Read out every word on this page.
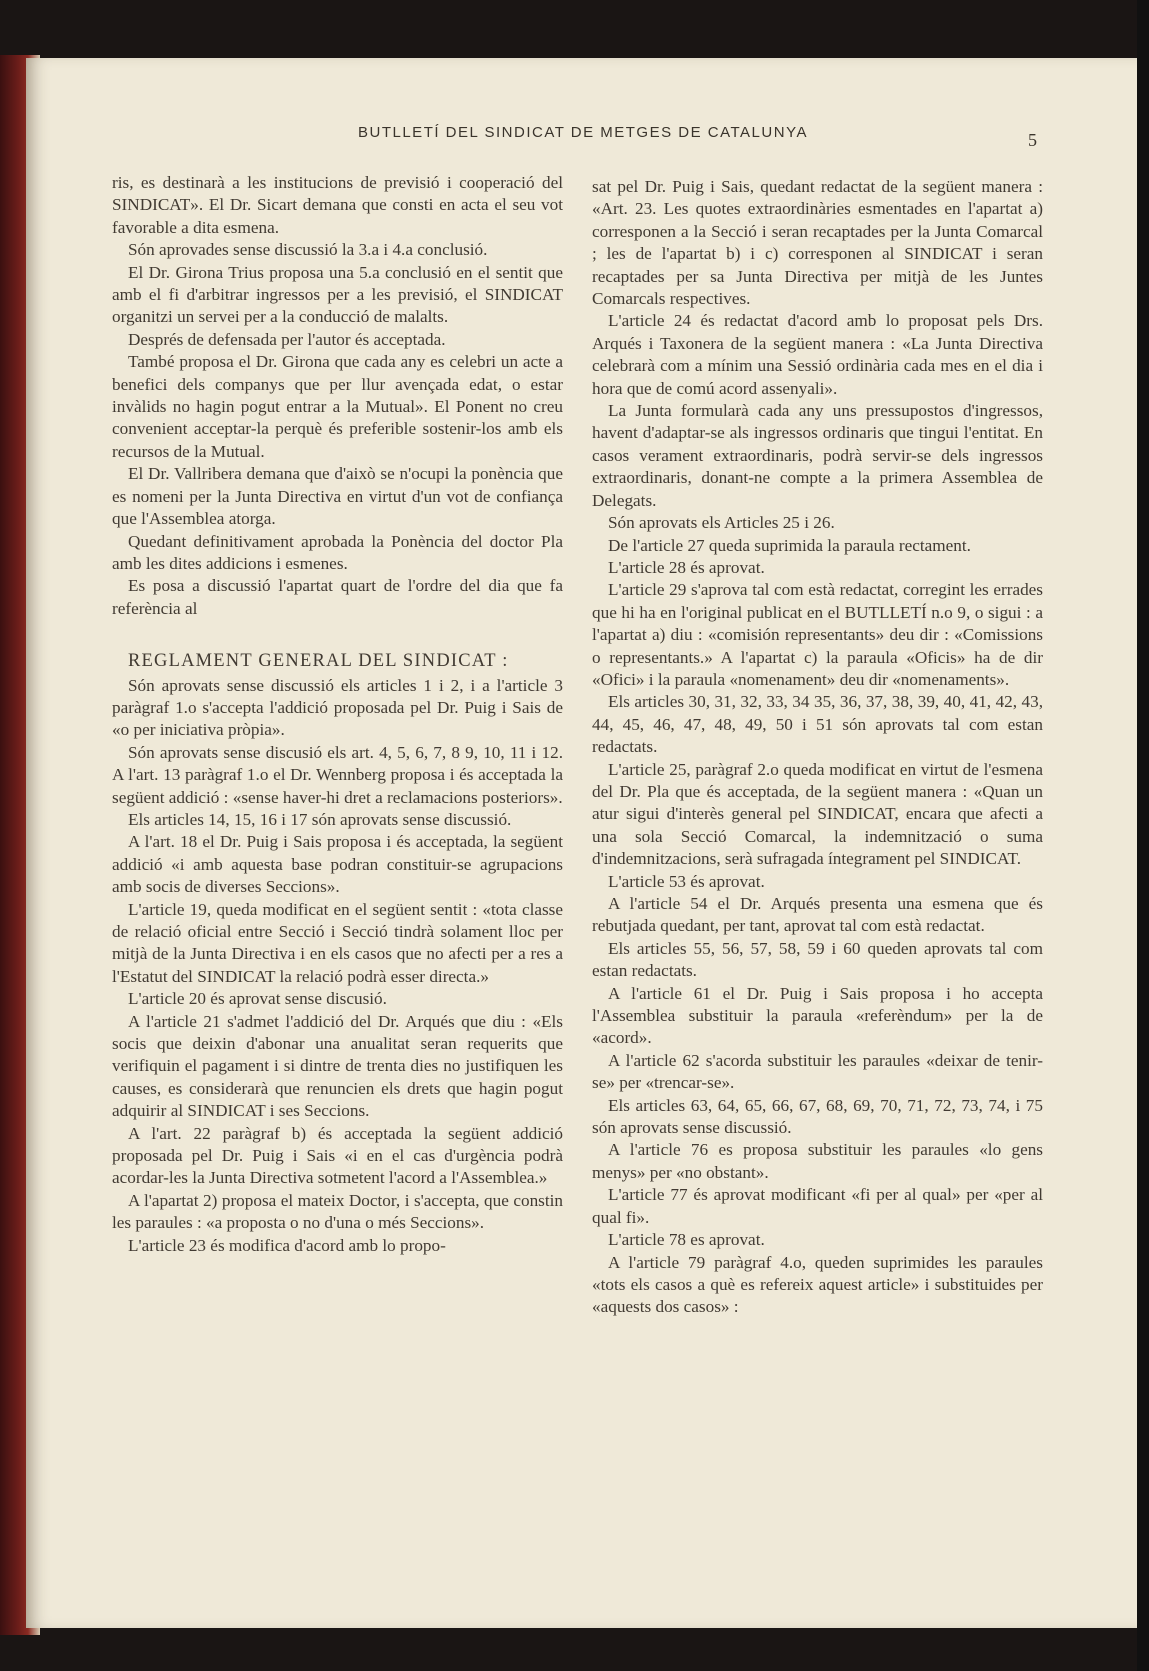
BUTLLETÍ DEL SINDICAT DE METGES DE CATALUNYA	5

ris, es destinarà a les institucions de previsió i cooperació del SINDICAT». El Dr. Sicart demana que consti en acta el seu vot favorable a dita esmena.

Són aprovades sense discussió la 3.a i 4.a conclusió.

El Dr. Girona Trius proposa una 5.a conclusió en el sentit que amb el fi d'arbitrar ingressos per a les previsió, el SINDICAT organitzi un servei per a la conducció de malalts.

Després de defensada per l'autor és acceptada.

També proposa el Dr. Girona que cada any es celebri un acte a benefici dels companys que per llur avençada edat, o estar invàlids no hagin pogut entrar a la Mutual». El Ponent no creu convenient acceptar-la perquè és preferible sostenir-los amb els recursos de la Mutual.

El Dr. Vallribera demana que d'això se n'ocupi la ponència que es nomeni per la Junta Directiva en virtut d'un vot de confiança que l'Assemblea atorga.

Quedant definitivament aprobada la Ponència del doctor Pla amb les dites addicions i esmenes.

Es posa a discussió l'apartat quart de l'ordre del dia que fa referència al

REGLAMENT GENERAL DEL SINDICAT :

Són aprovats sense discussió els articles 1 i 2, i a l'article 3 paràgraf 1.o s'accepta l'addició proposada pel Dr. Puig i Sais de «o per iniciativa pròpia».

Són aprovats sense discusió els art. 4, 5, 6, 7, 8 9, 10, 11 i 12. A l'art. 13 paràgraf 1.o el Dr. Wennberg proposa i és acceptada la següent addició : «sense haver-hi dret a reclamacions posteriors».

Els articles 14, 15, 16 i 17 són aprovats sense discussió.

A l'art. 18 el Dr. Puig i Sais proposa i és acceptada, la següent addició «i amb aquesta base podran constituir-se agrupacions amb socis de diverses Seccions».

L'article 19, queda modificat en el següent sentit : «tota classe de relació oficial entre Secció i Secció tindrà solament lloc per mitjà de la Junta Directiva i en els casos que no afecti per a res a l'Estatut del SINDICAT la relació podrà esser directa.»

L'article 20 és aprovat sense discusió.

A l'article 21 s'admet l'addició del Dr. Arqués que diu : «Els socis que deixin d'abonar una anualitat seran requerits que verifiquin el pagament i si dintre de trenta dies no justifiquen les causes, es considerarà que renuncien els drets que hagin pogut adquirir al SINDICAT i ses Seccions.

A l'art. 22 paràgraf b) és acceptada la següent addició proposada pel Dr. Puig i Sais «i en el cas d'urgència podrà acordar-les la Junta Directiva sotmetent l'acord a l'Assemblea.»

A l'apartat 2) proposa el mateix Doctor, i s'accepta, que constin les paraules : «a proposta o no d'una o més Seccions».

L'article 23 és modifica d'acord amb lo propo-

sat pel Dr. Puig i Sais, quedant redactat de la següent manera : «Art. 23. Les quotes extraordinàries esmentades en l'apartat a) corresponen a la Secció i seran recaptades per la Junta Comarcal ; les de l'apartat b) i c) corresponen al SINDICAT i seran recaptades per sa Junta Directiva per mitjà de les Juntes Comarcals respectives.

L'article 24 és redactat d'acord amb lo proposat pels Drs. Arqués i Taxonera de la següent manera : «La Junta Directiva celebrarà com a mínim una Sessió ordinària cada mes en el dia i hora que de comú acord assenyali».

La Junta formularà cada any uns pressupostos d'ingressos, havent d'adaptar-se als ingressos ordinaris que tingui l'entitat. En casos verament extraordinaris, podrà servir-se dels ingressos extraordinaris, donant-ne compte a la primera Assemblea de Delegats.

Són aprovats els Articles 25 i 26.

De l'article 27 queda suprimida la paraula rectament.

L'article 28 és aprovat.

L'article 29 s'aprova tal com està redactat, corregint les errades que hi ha en l'original publicat en el BUTLLETÍ n.o 9, o sigui : a l'apartat a) diu : «comisión representants» deu dir : «Comissions o representants.» A l'apartat c) la paraula «Oficis» ha de dir «Ofici» i la paraula «nomenament» deu dir «nomenaments».

Els articles 30, 31, 32, 33, 34 35, 36, 37, 38, 39, 40, 41, 42, 43, 44, 45, 46, 47, 48, 49, 50 i 51 són aprovats tal com estan redactats.

L'article 25, paràgraf 2.o queda modificat en virtut de l'esmena del Dr. Pla que és acceptada, de la següent manera : «Quan un atur sigui d'interès general pel SINDICAT, encara que afecti a una sola Secció Comarcal, la indemnització o suma d'indemnitzacions, serà sufragada íntegrament pel SINDICAT.

L'article 53 és aprovat.

A l'article 54 el Dr. Arqués presenta una esmena que és rebutjada quedant, per tant, aprovat tal com està redactat.

Els articles 55, 56, 57, 58, 59 i 60 queden aprovats tal com estan redactats.

A l'article 61 el Dr. Puig i Sais proposa i ho accepta l'Assemblea substituir la paraula «referèndum» per la de «acord».

A l'article 62 s'acorda substituir les paraules «deixar de tenir-se» per «trencar-se».

Els articles 63, 64, 65, 66, 67, 68, 69, 70, 71, 72, 73, 74, i 75 són aprovats sense discussió.

A l'article 76 es proposa substituir les paraules «lo gens menys» per «no obstant».

L'article 77 és aprovat modificant «fi per al qual» per «per al qual fi».

L'article 78 es aprovat.

A l'article 79 paràgraf 4.o, queden suprimides les paraules «tots els casos a què es refereix aquest article» i substituides per «aquests dos casos» :
